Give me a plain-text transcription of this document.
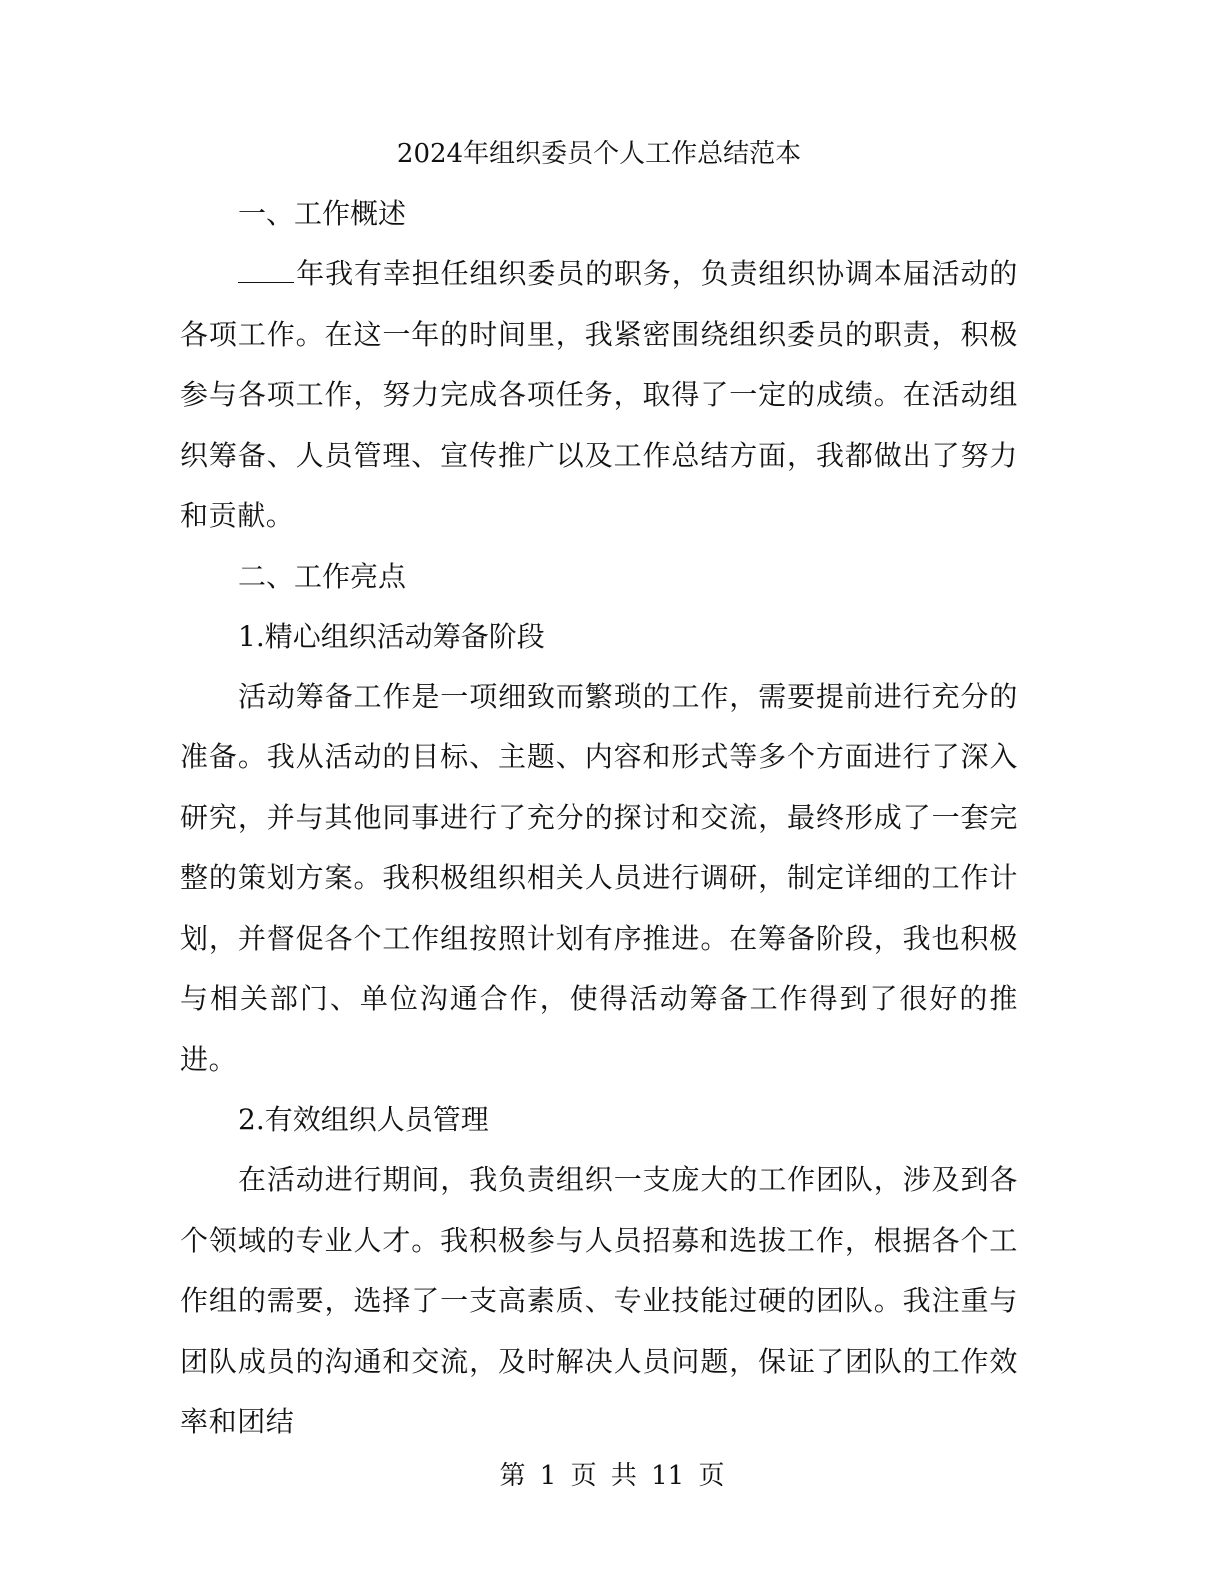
2024年组织委员个人工作总结范本

一、工作概述

年我有幸担任组织委员的职务，负责组织协调本届活动的各项工作。在这一年的时间里，我紧密围绕组织委员的职责，积极参与各项工作，努力完成各项任务，取得了一定的成绩。在活动组织筹备、人员管理、宣传推广以及工作总结方面，我都做出了努力和贡献。

二、工作亮点

1.精心组织活动筹备阶段

活动筹备工作是一项细致而繁琐的工作，需要提前进行充分的准备。我从活动的目标、主题、内容和形式等多个方面进行了深入研究，并与其他同事进行了充分的探讨和交流，最终形成了一套完整的策划方案。我积极组织相关人员进行调研，制定详细的工作计划，并督促各个工作组按照计划有序推进。在筹备阶段，我也积极与相关部门、单位沟通合作，使得活动筹备工作得到了很好的推进。

2.有效组织人员管理

在活动进行期间，我负责组织一支庞大的工作团队，涉及到各个领域的专业人才。我积极参与人员招募和选拔工作，根据各个工作组的需要，选择了一支高素质、专业技能过硬的团队。我注重与团队成员的沟通和交流，及时解决人员问题，保证了团队的工作效率和团结

第 1 页 共 11 页
